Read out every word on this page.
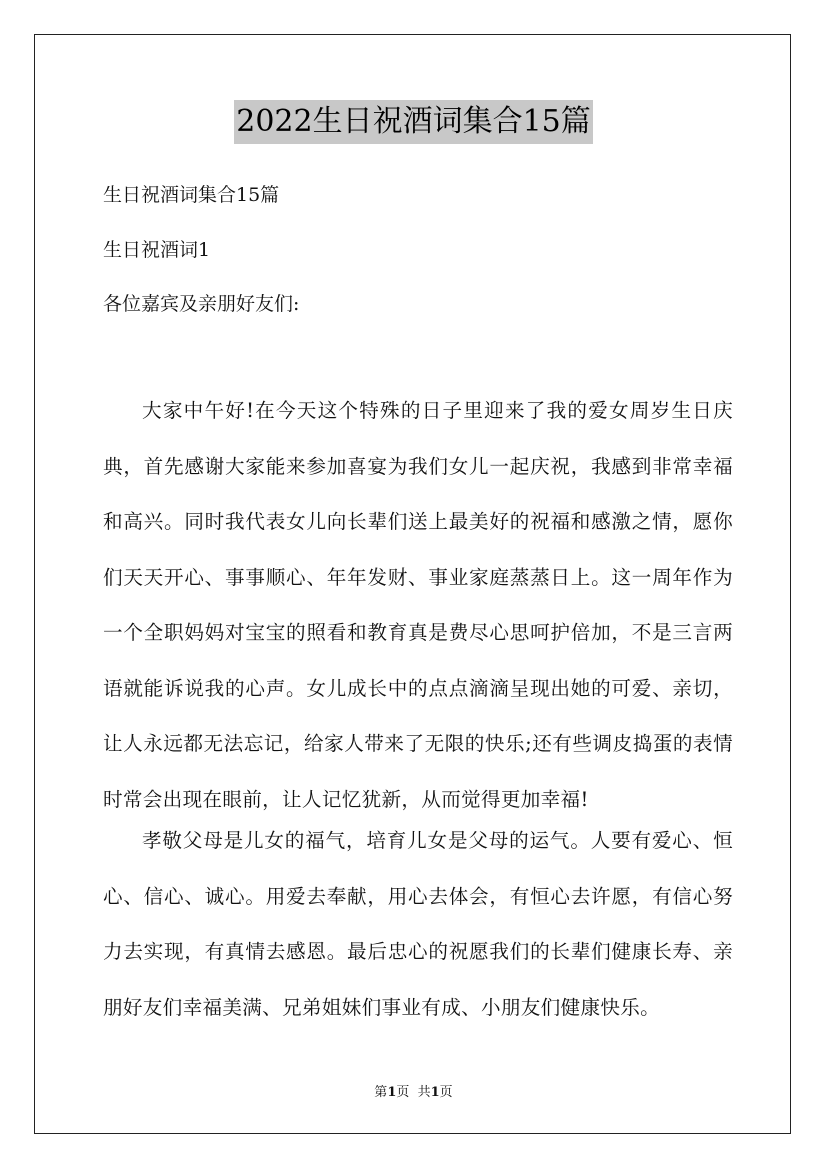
2022生日祝酒词集合15篇
生日祝酒词集合15篇
生日祝酒词1
各位嘉宾及亲朋好友们:
大家中午好!在今天这个特殊的日子里迎来了我的爱女周岁生日庆典，首先感谢大家能来参加喜宴为我们女儿一起庆祝，我感到非常幸福和高兴。同时我代表女儿向长辈们送上最美好的祝福和感激之情，愿你们天天开心、事事顺心、年年发财、事业家庭蒸蒸日上。这一周年作为一个全职妈妈对宝宝的照看和教育真是费尽心思呵护倍加，不是三言两语就能诉说我的心声。女儿成长中的点点滴滴呈现出她的可爱、亲切，让人永远都无法忘记，给家人带来了无限的快乐;还有些调皮捣蛋的表情时常会出现在眼前，让人记忆犹新，从而觉得更加幸福!
孝敬父母是儿女的福气，培育儿女是父母的运气。人要有爱心、恒心、信心、诚心。用爱去奉献，用心去体会，有恒心去许愿，有信心努力去实现，有真情去感恩。最后忠心的祝愿我们的长辈们健康长寿、亲朋好友们幸福美满、兄弟姐妹们事业有成、小朋友们健康快乐。
第1页  共1页
